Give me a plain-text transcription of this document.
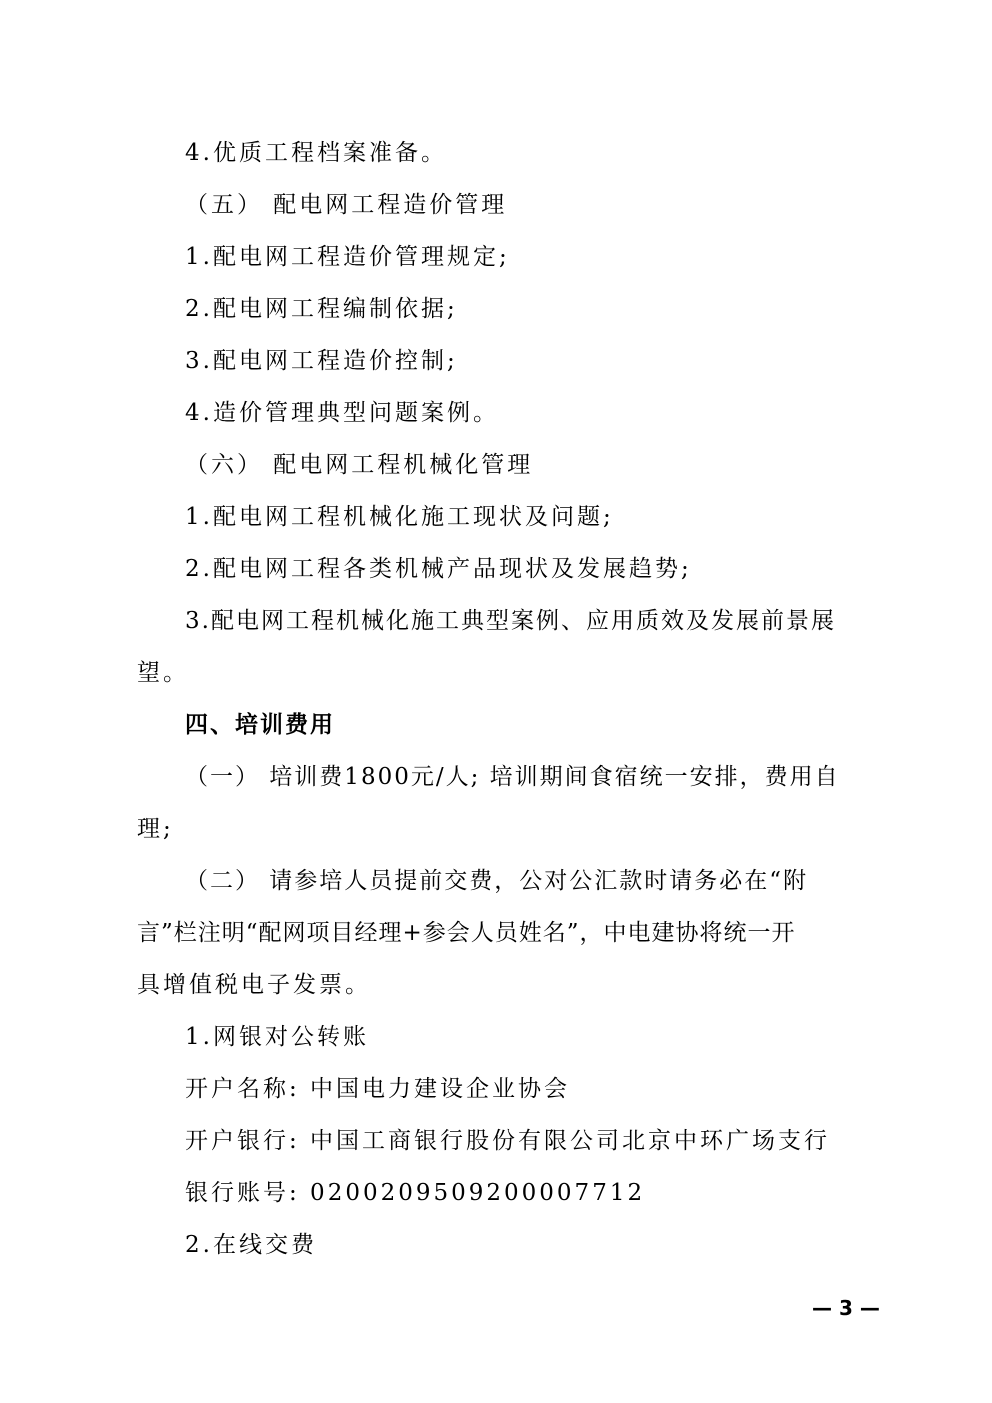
4.优质工程档案准备。

（五） 配电网工程造价管理

1.配电网工程造价管理规定;

2.配电网工程编制依据;

3.配电网工程造价控制;

4.造价管理典型问题案例。

（六） 配电网工程机械化管理

1.配电网工程机械化施工现状及问题;

2.配电网工程各类机械产品现状及发展趋势;

3.配电网工程机械化施工典型案例、应用质效及发展前景展

望。

四、培训费用

（一） 培训费1800元/人; 培训期间食宿统一安排，费用自

理;

（二） 请参培人员提前交费，公对公汇款时请务必在“附

言”栏注明“配网项目经理+参会人员姓名”，中电建协将统一开

具增值税电子发票。

1.网银对公转账

开户名称: 中国电力建设企业协会

开户银行: 中国工商银行股份有限公司北京中环广场支行

银行账号: 0200209509200007712

2.在线交费

— 3 —
